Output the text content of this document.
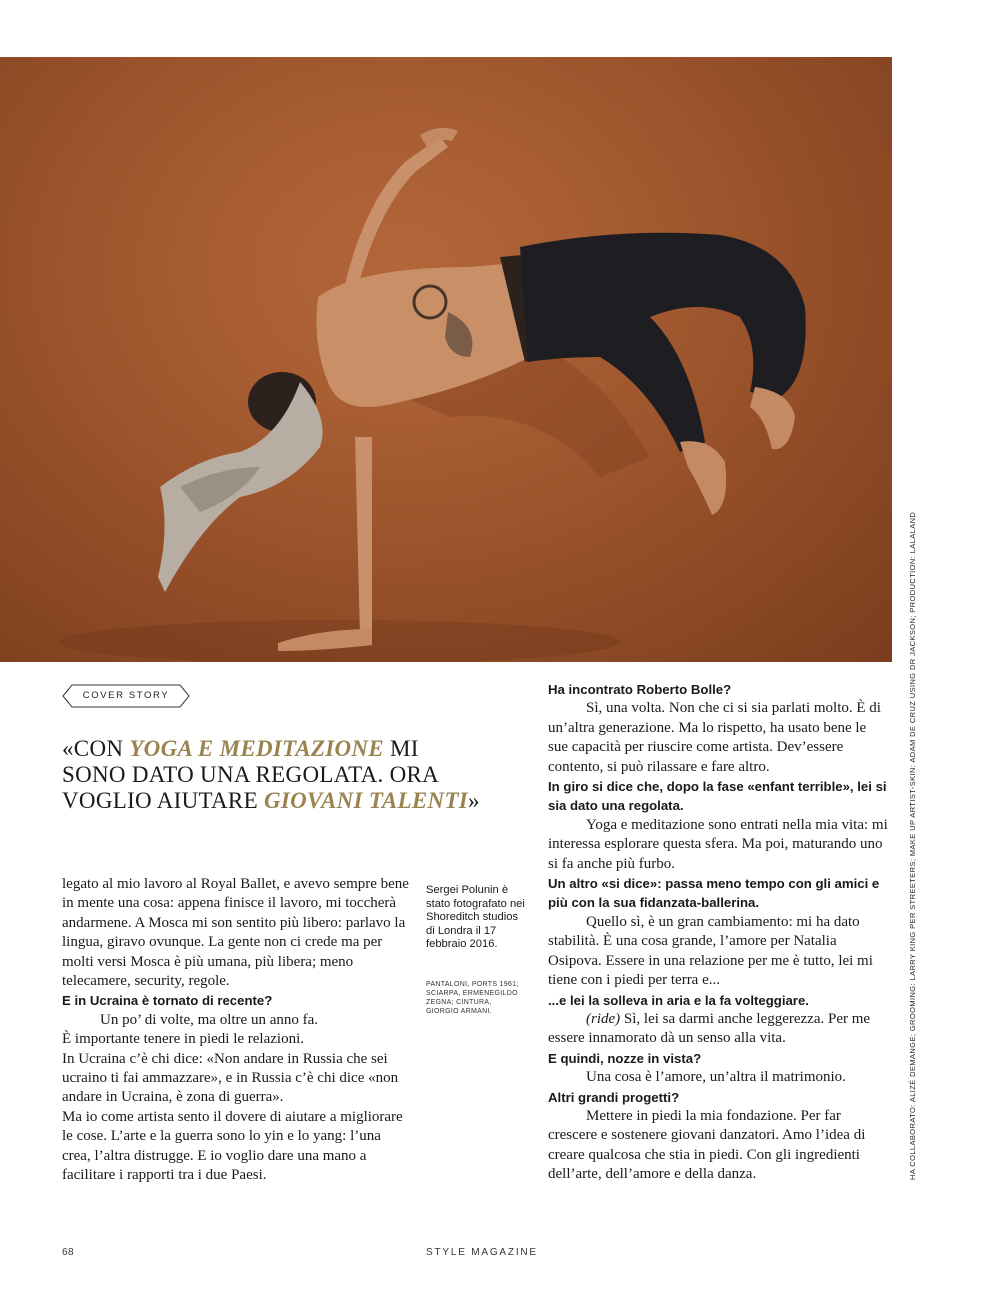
HA COLLABORATO: ALIZÉ DEMANGE; GROOMING: LARRY KING PER STREETERS; MAKE UP ARTIST-SKIN: ADAM DE CRUZ USING DR JACKSON; PRODUCTION: LALALAND
COVER STORY
«CON YOGA E MEDITAZIONE MI SONO DATO UNA REGOLATA. ORA VOGLIO AIUTARE GIOVANI TALENTI»

legato al mio lavoro al Royal Ballet, e avevo sempre bene in mente una cosa: appena finisce il lavoro, mi toccherà andarmene. A Mosca mi son sentito più libero: parlavo la lingua, giravo ovunque. La gente non ci crede ma per molti versi Mosca è più umana, più libera; meno telecamere, security, regole.

E in Ucraina è tornato di recente?

Un po’ di volte, ma oltre un anno fa.

È importante tenere in piedi le relazioni.

In Ucraina c’è chi dice: «Non andare in Russia che sei ucraino ti fai ammazzare», e in Russia c’è chi dice «non andare in Ucraina, è zona di guerra».

Ma io come artista sento il dovere di aiutare a migliorare le cose. L’arte e la guerra sono lo yin e lo yang: l’una crea, l’altra distrugge. E io voglio dare una mano a facilitare i rapporti tra i due Paesi.

Sergei Polunin è stato fotografato nei Shoreditch studios di Londra il 17 febbraio 2016.
PANTALONI, PORTS 1961; SCIARPA, ERMENEGILDO ZEGNA; CINTURA, GIORGIO ARMANI.

Ha incontrato Roberto Bolle?

Sì, una volta. Non che ci si sia parlati molto. È di un’altra generazione. Ma lo rispetto, ha usato bene le sue capacità per riuscire come artista. Dev’essere contento, si può rilassare e fare altro.

In giro si dice che, dopo la fase «enfant terrible», lei si sia dato una regolata.

Yoga e meditazione sono entrati nella mia vita: mi interessa esplorare questa sfera. Ma poi, maturando uno si fa anche più furbo.

Un altro «si dice»: passa meno tempo con gli amici e più con la sua fidanzata-ballerina.

Quello sì, è un gran cambiamento: mi ha dato stabilità. È una cosa grande, l’amore per Natalia Osipova. Essere in una relazione per me è tutto, lei mi tiene con i piedi per terra e...

...e lei la solleva in aria e la fa volteggiare.

(ride) Sì, lei sa darmi anche leggerezza. Per me essere innamorato dà un senso alla vita.

E quindi, nozze in vista?

Una cosa è l’amore, un’altra il matrimonio.

Altri grandi progetti?

Mettere in piedi la mia fondazione. Per far crescere e sostenere giovani danzatori. Amo l’idea di creare qualcosa che stia in piedi. Con gli ingredienti dell’arte, dell’amore e della danza.

68	STYLE MAGAZINE
